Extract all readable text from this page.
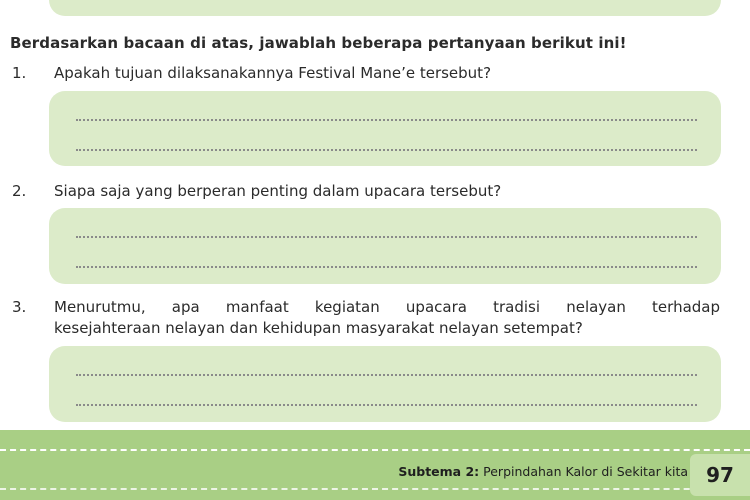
Berdasarkan bacaan di atas, jawablah beberapa pertanyaan berikut ini!
1. Apakah tujuan dilaksanakannya Festival Mane’e tersebut?
2. Siapa saja yang berperan penting dalam upacara tersebut?
3. Menurutmu, apa manfaat kegiatan upacara tradisi nelayan terhadap
kesejahteraan nelayan dan kehidupan masyarakat nelayan setempat?
Subtema 2: Perpindahan Kalor di Sekitar kita 97
